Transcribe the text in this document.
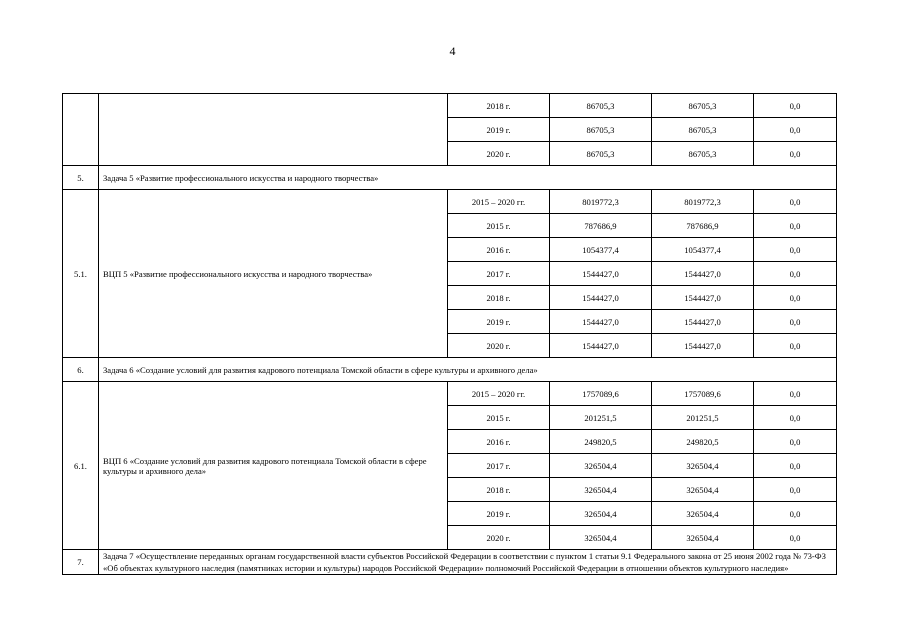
4
		2018 г.	86705,3	86705,3	0,0
		2019 г.	86705,3	86705,3	0,0
		2020 г.	86705,3	86705,3	0,0
5.	Задача 5 «Развитие профессионального искусства и народного творчества»				
5.1.	ВЦП 5 «Развитие профессионального искусства и народного творчества»	2015 – 2020 гг.	8019772,3	8019772,3	0,0
		2015 г.	787686,9	787686,9	0,0
		2016 г.	1054377,4	1054377,4	0,0
		2017 г.	1544427,0	1544427,0	0,0
		2018 г.	1544427,0	1544427,0	0,0
		2019 г.	1544427,0	1544427,0	0,0
		2020 г.	1544427,0	1544427,0	0,0
6.	Задача 6 «Создание условий для развития кадрового потенциала Томской области в сфере культуры и архивного дела»				
6.1.	ВЦП 6 «Создание условий для развития кадрового потенциала Томской области в сфере культуры и архивного дела»	2015 – 2020 гг.	1757089,6	1757089,6	0,0
		2015 г.	201251,5	201251,5	0,0
		2016 г.	249820,5	249820,5	0,0
		2017 г.	326504,4	326504,4	0,0
		2018 г.	326504,4	326504,4	0,0
		2019 г.	326504,4	326504,4	0,0
		2020 г.	326504,4	326504,4	0,0
7.	Задача 7 «Осуществление переданных органам государственной власти субъектов Российской Федерации в соответствии с пунктом 1 статьи 9.1 Федерального закона от 25 июня 2002 года № 73-ФЗ «Об объектах культурного наследия (памятниках истории и культуры) народов Российской Федерации» полномочий Российской Федерации в отношении объектов культурного наследия»				
